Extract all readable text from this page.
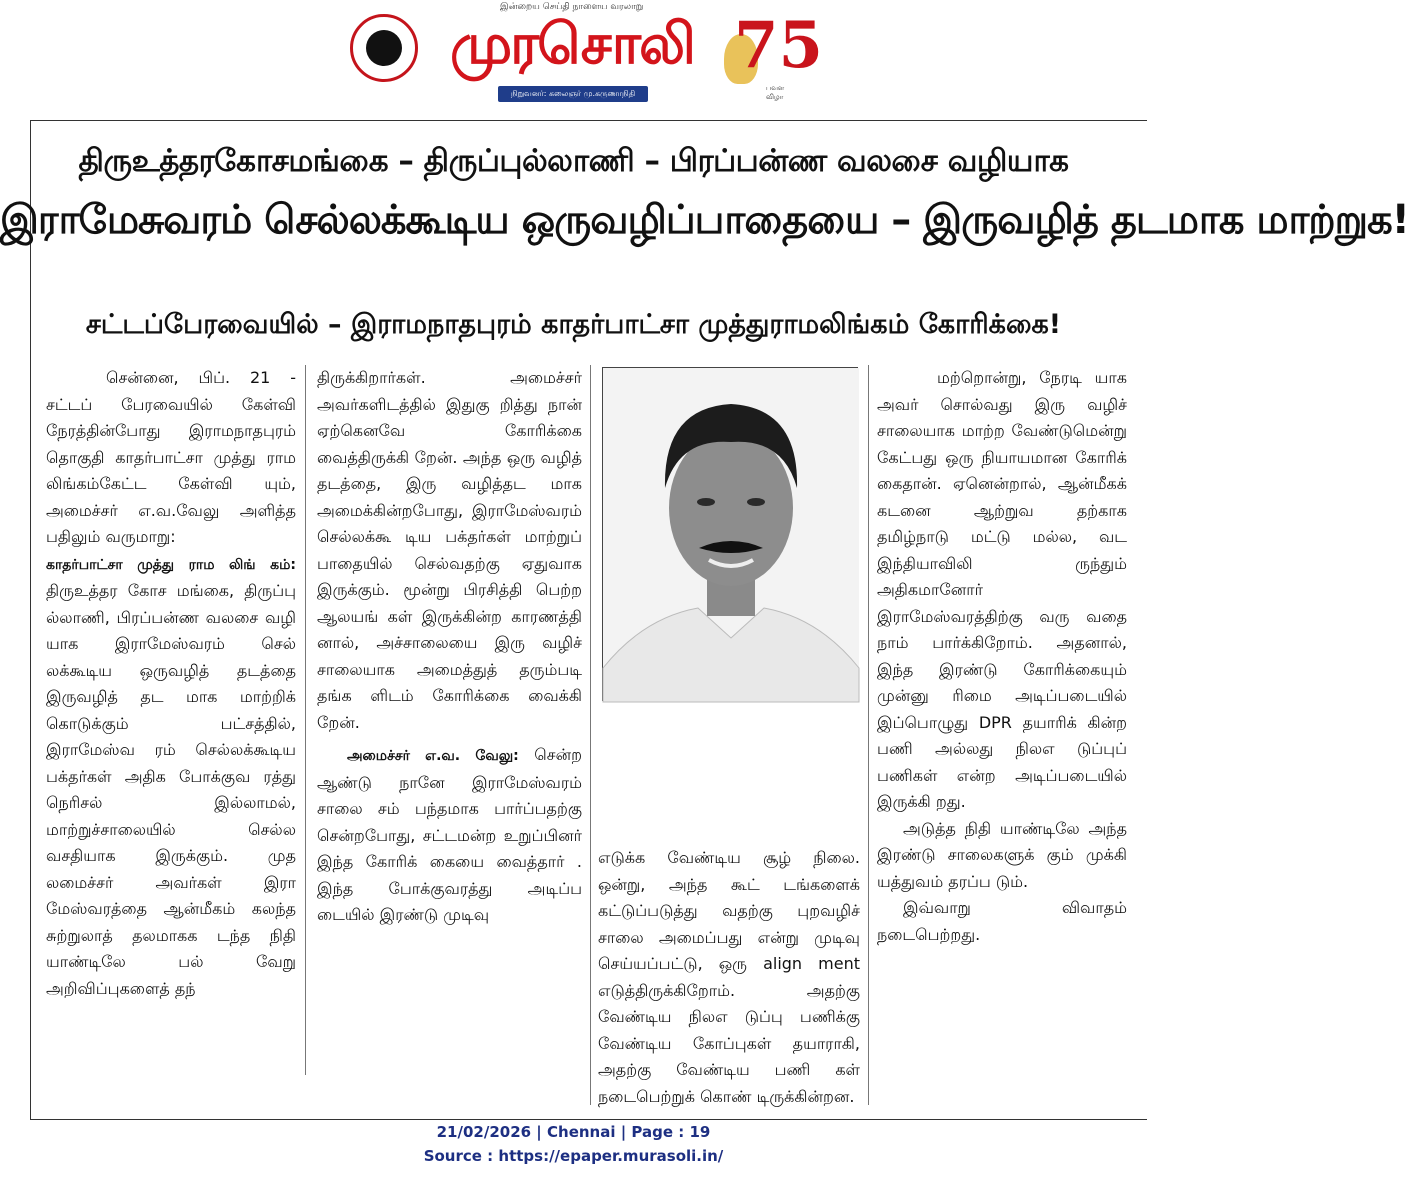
இன்றைய செய்தி நாளைய வரலாறு
முரசொலி
நிறுவனர்: கலைஞர் மு.கருணாநிதி
75
பவள விழா
திருஉத்தரகோசமங்கை – திருப்புல்லாணி – பிரப்பன்ண வலசை வழியாக
இராமேசுவரம் செல்லக்கூடிய ஒருவழிப்பாதையை – இருவழித் தடமாக மாற்றுக!
சட்டப்பேரவையில் – இராமநாதபுரம் காதர்பாட்சா முத்துராமலிங்கம் கோரிக்கை!

சென்னை, பிப். 21 - சட்டப் பேரவையில் கேள்வி நேரத்தின்போது இராமநாதபுரம் தொகுதி காதர்பாட்சா முத்து ராம லிங்கம்கேட்ட கேள்வி யும், அமைச்சர் எ.வ.வேலு அளித்த பதிலும் வருமாறு:

காதர்பாட்சா முத்து ராம லிங் கம்: திருஉத்தர கோச மங்கை, திருப்பு ல்லாணி, பிரப்பன்ண வலசை வழி யாக இராமேஸ்வரம் செல் லக்கூடிய ஒருவழித் தடத்தை இருவழித் தட மாக மாற்றிக் கொடுக்கும் பட்சத்தில், இராமேஸ்வ ரம் செல்லக்கூடிய பக்தர்கள் அதிக போக்குவ ரத்து நெரிசல் இல்லாமல், மாற்றுச்சாலையில் செல்ல வசதியாக இருக்கும். முத லமைச்சர் அவர்கள் இரா மேஸ்வரத்தை ஆன்மீகம் கலந்த சுற்றுலாத் தலமாகக டந்த நிதி யாண்டிலே பல் வேறு அறிவிப்புகளைத் தந்

திருக்கிறார்கள். அமைச்சர் அவர்களிடத்தில் இதுகு றித்து நான் ஏற்கெனவே கோரிக்கை வைத்திருக்கி றேன். அந்த ஒரு வழித் தடத்தை, இரு வழித்தட மாக அமைக்கின்றபோது, இராமேஸ்வரம் செல்லக்கூ டிய பக்தர்கள் மாற்றுப் பாதையில் செல்வதற்கு ஏதுவாக இருக்கும். மூன்று பிரசித்தி பெற்ற ஆலயங் கள் இருக்கின்ற காரணத்தி னால், அச்சாலையை இரு வழிச் சாலையாக அமைத்துத் தரும்படி தங்க ளிடம் கோரிக்கை வைக்கி றேன்.

அமைச்சர் எ.வ. வேலு: சென்ற ஆண்டு நானே இராமேஸ்வரம் சாலை சம் பந்தமாக பார்ப்பதற்கு சென்றபோது, சட்டமன்ற உறுப்பினர் இந்த கோரிக் கையை வைத்தார் . இந்த போக்குவரத்து அடிப்ப டையில் இரண்டு முடிவு

எடுக்க வேண்டிய சூழ் நிலை. ஒன்று, அந்த கூட் டங்களைக் கட்டுப்படுத்து வதற்கு புறவழிச் சாலை அமைப்பது என்று முடிவு செய்யப்பட்டு, ஒரு align ment எடுத்திருக்கிறோம். அதற்கு வேண்டிய நிலஎ டுப்பு பணிக்கு வேண்டிய கோப்புகள் தயாராகி, அதற்கு வேண்டிய பணி கள் நடைபெற்றுக் கொண் டிருக்கின்றன.

மற்றொன்று, நேரடி யாக அவர் சொல்வது இரு வழிச் சாலையாக மாற்ற வேண்டுமென்று கேட்பது ஒரு நியாயமான கோரிக் கைதான். ஏனென்றால், ஆன்மீகக் கடனை ஆற்றுவ தற்காக தமிழ்நாடு மட்டு மல்ல, வட இந்தியாவிலி ருந்தும் அதிகமானோர் இராமேஸ்வரத்திற்கு வரு வதை நாம் பார்க்கிறோம். அதனால், இந்த இரண்டு கோரிக்கையும் முன்னு ரிமை அடிப்படையில் இப்பொழுது DPR தயாரிக் கின்ற பணி அல்லது நிலஎ டுப்புப் பணிகள் என்ற அடிப்படையில் இருக்கி றது.

அடுத்த நிதி யாண்டிலே அந்த இரண்டு சாலைகளுக் கும் முக்கி யத்துவம் தரப்ப டும்.

இவ்வாறு விவாதம் நடைபெற்றது.

21/02/2026 | Chennai | Page : 19
Source : https://epaper.murasoli.in/
